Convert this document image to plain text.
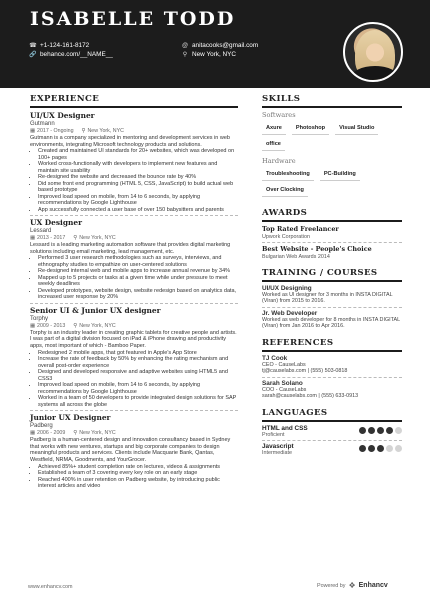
ISABELLE TODD
☎ +1-124-161-8172	@ anitacooks@gmail.com
🔗 behance.com/__NAME__	⚲ New York, NYC
EXPERIENCE
UI/UX Designer
Gutmann
▦ 2017 - Ongoing ⚲ New York, NYC
Gutmann is a company specialized in mentoring and development services in web environments, integrating Microsoft technology products and solutions.
• Created and maintained UI standards for 20+ websites, which was developed on 100+ pages
• Worked cross-functionally with developers to implement new features and maintain site usability
• Re-designed the website and decreased the bounce rate by 40%
• Did some front end programming (HTML 5, CSS, JavaScript) to build actual web based prototype
• Improved load speed on mobile, from 14 to 6 seconds, by applying recommendations by Google Lighthouse
• App successfully connected a user base of over 150 babysitters and parents
UX Designer
Lessard
▦ 2013 - 2017 ⚲ New York, NYC
Lessard is a leading marketing automation software that provides digital marketing solutions including email marketing, lead management, etc.
• Performed 3 user research methodologies such as surveys, interviews, and ethnography studies to empathize on user-centered solutions
• Re-designed internal web and mobile apps to increase annual revenue by 34%
• Mapped up to 5 projects or tasks at a given time while under pressure to meet weekly deadlines
• Developed prototypes, website design, website redesign based on analytics data, increased user response by 20%
Senior UI & Junior UX designer
Torphy
▦ 2009 - 2013 ⚲ New York, NYC
Torphy is an industry leader in creating graphic tablets for creative people and artists. I was part of a digital division focused on iPad & iPhone drawing and productivity apps, most important of which - Bamboo Paper.
• Redesigned 2 mobile apps, that got featured in Apple's App Store
• Increase the rate of feedback by 50% by enhancing the rating mechanism and overall post-order experience
• Designed and developed responsive and adaptive websites using HTML5 and CSS3
• Improved load speed on mobile, from 14 to 6 seconds, by applying recommendations by Google Lighthouse
• Worked in a team of 50 developers to provide integrated design solutions for SAP systems all across the globe
Junior UX Designer
Padberg
▦ 2006 - 2009 ⚲ New York, NYC
Padberg is a human-centered design and innovation consultancy based in Sydney that works with new ventures, startups and big corporate companies to design meaningful products and services. Clients include Macquarie Bank, Qantas, Westfield, NRMA, Goodments, and YourGrocer.
• Achieved 85%+ student completion rate on lectures, videos & assignments
• Established a team of 3 covering every key role on an early stage
• Reached 400% in user retention on Padberg website, by introducing public interest articles and video
SKILLS
Softwares
Axure	Photoshop	Visual Studio
office
Hardware
Troubleshooting	PC-Building
Over Clocking
AWARDS
Top Rated Freelancer
Upwork Corporation
Best Website - People's Choice
Bulgarian Web Awards 2014
TRAINING / COURSES
UI/UX Designing
Worked as UI designer for 3 months in INSTA DIGITAL (Viran) from 2015 to 2016.
Jr. Web Developer
Worked as web developer for 8 months in INSTA DIGITAL (Viran) from Jan 2016 to Apr 2016.
REFERENCES
TJ Cook
CEO - CauseLabs
tj@causelabs.com | (555) 503-0818
Sarah Solano
COO - CauseLabs
sarah@causelabs.com | (555) 633-0913
LANGUAGES
HTML and CSS
Proficient
Javascript
Intermediate
www.enhancv.com	Powered by ❖ Enhancv
